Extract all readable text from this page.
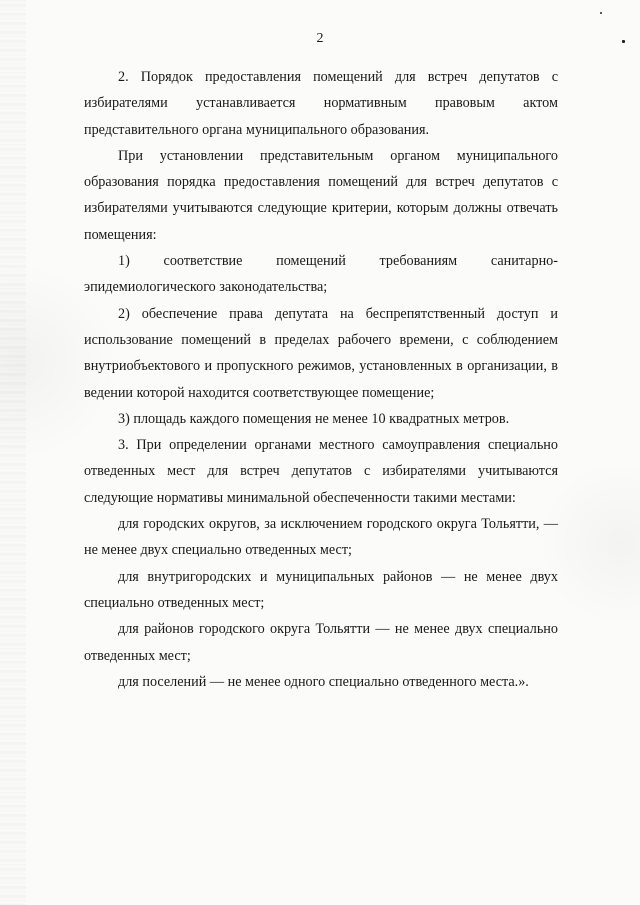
2

2. Порядок предоставления помещений для встреч депутатов с избирателями устанавливается нормативным правовым актом представительного органа муниципального образования.

При установлении представительным органом муниципального образования порядка предоставления помещений для встреч депутатов с избирателями учитываются следующие критерии, которым должны отвечать помещения:

1) соответствие помещений требованиям санитарно-эпидемиологического законодательства;

2) обеспечение права депутата на беспрепятственный доступ и использование помещений в пределах рабочего времени, с соблюдением внутриобъектового и пропускного режимов, установленных в организации, в ведении которой находится соответствующее помещение;

3) площадь каждого помещения не менее 10 квадратных метров.

3. При определении органами местного самоуправления специально отведенных мест для встреч депутатов с избирателями учитываются следующие нормативы минимальной обеспеченности такими местами:

для городских округов, за исключением городского округа Тольятти, — не менее двух специально отведенных мест;

для внутригородских и муниципальных районов — не менее двух специально отведенных мест;

для районов городского округа Тольятти — не менее двух специально отведенных мест;

для поселений — не менее одного специально отведенного места.».
